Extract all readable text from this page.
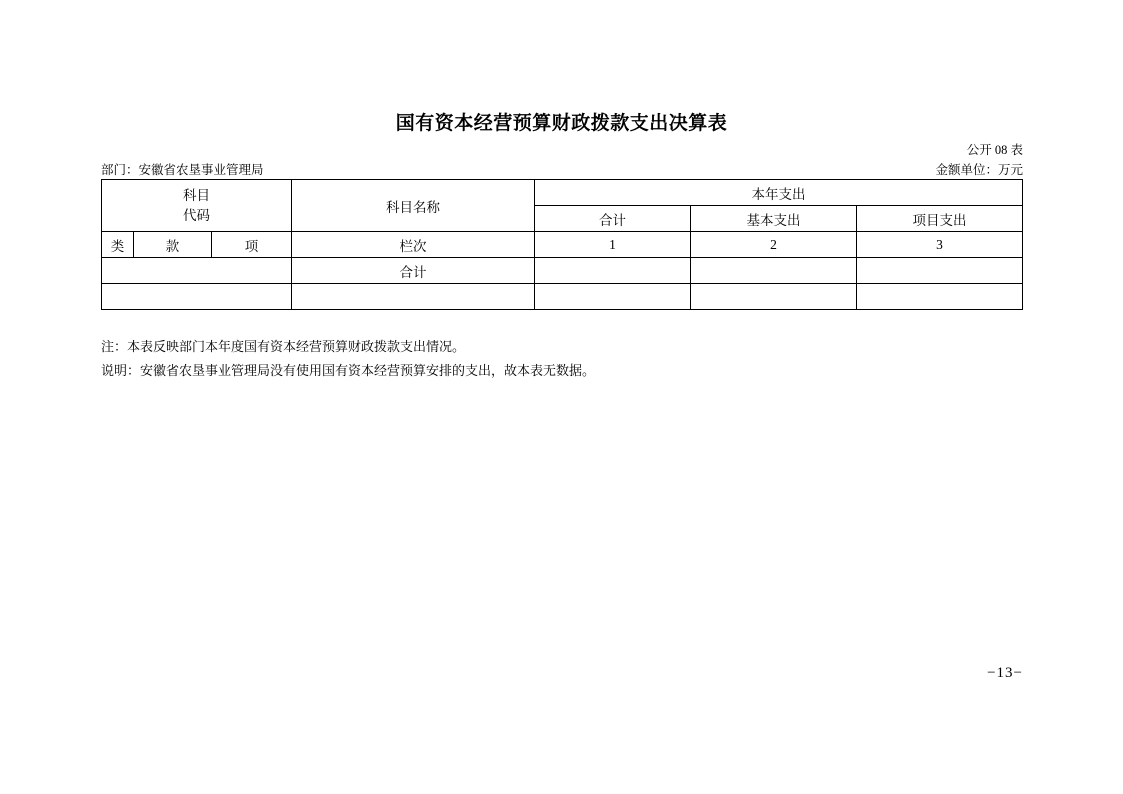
国有资本经营预算财政拨款支出决算表
公开 08 表
部门：安徽省农垦事业管理局	金额单位：万元
科目
代码			科目名称	本年支出		
				合计	基本支出	项目支出
类	款	项	栏次	1	2	3
			合计			

注：本表反映部门本年度国有资本经营预算财政拨款支出情况。
说明：安徽省农垦事业管理局没有使用国有资本经营预算安排的支出，故本表无数据。
−13−
